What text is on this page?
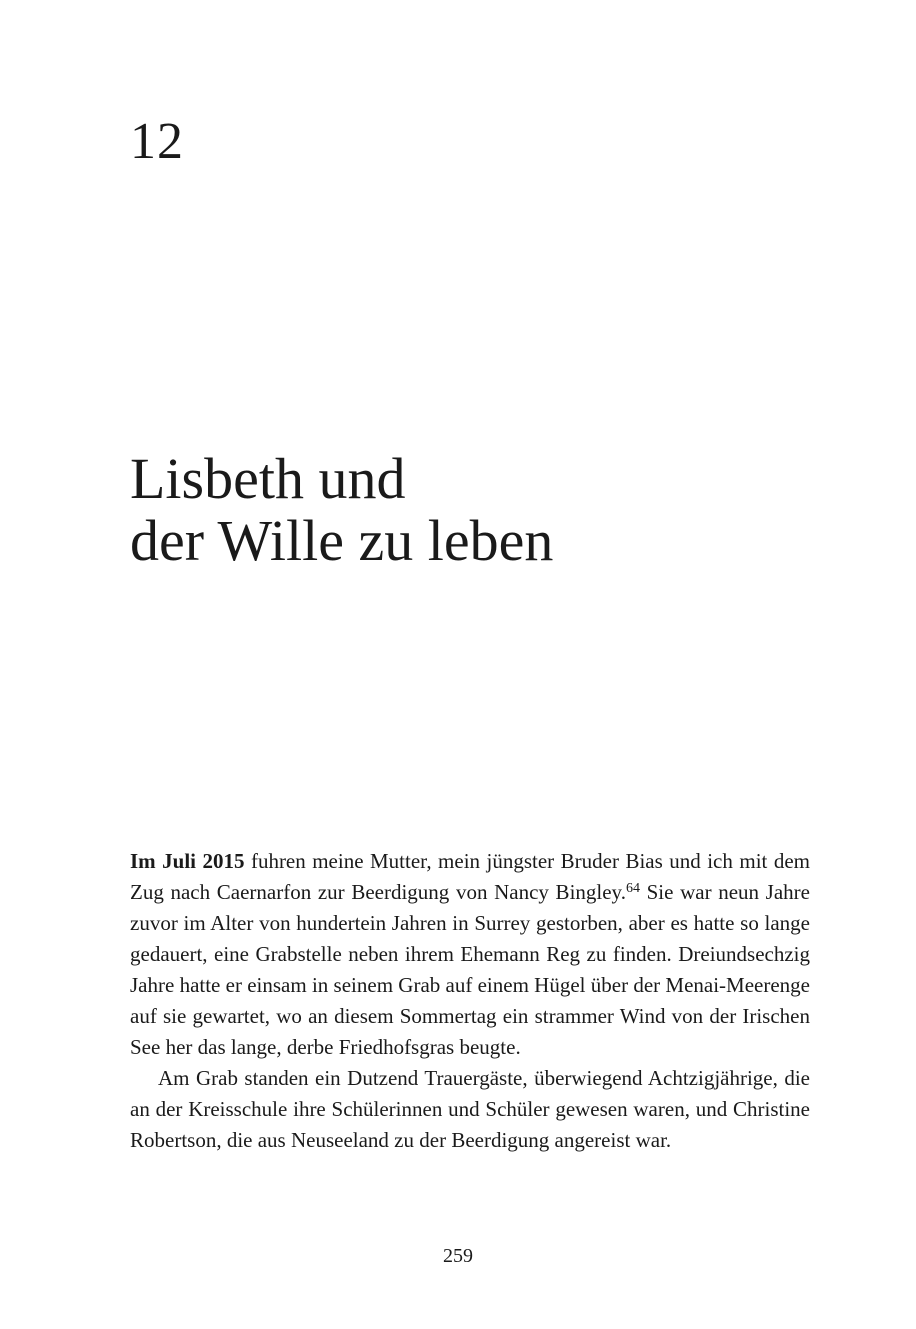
12
Lisbeth und
der Wille zu leben

Im Juli 2015 fuhren meine Mutter, mein jüngster Bruder Bias und ich mit dem Zug nach Caernarfon zur Beerdigung von Nancy Bingley.$^{64}$ Sie war neun Jahre zuvor im Alter von hundertein Jahren in Surrey gestorben, aber es hatte so lange gedauert, eine Grabstelle neben ihrem Ehemann Reg zu finden. Dreiundsechzig Jahre hatte er einsam in seinem Grab auf einem Hügel über der Menai-Meerenge auf sie gewartet, wo an diesem Sommertag ein strammer Wind von der Irischen See her das lange, derbe Friedhofsgras beugte.

Am Grab standen ein Dutzend Trauergäste, überwiegend Achtzigjährige, die an der Kreisschule ihre Schülerinnen und Schüler gewesen waren, und Christine Robertson, die aus Neuseeland zu der Beerdigung angereist war.

259
